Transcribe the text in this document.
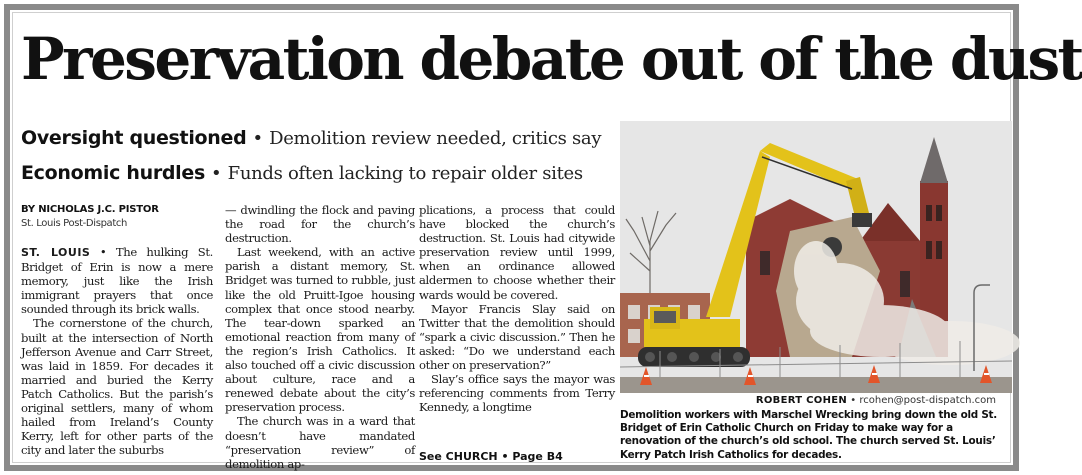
Preservation debate out of the dust
Oversight questioned • Demolition review needed, critics say
Economic hurdles • Funds often lacking to repair older sites
BY NICHOLAS J.C. PISTOR
St. Louis Post-Dispatch

ST. LOUIS • The hulking St. Bridget of Erin is now a mere memory, just like the Irish immigrant prayers that once sounded through its brick walls.

The cornerstone of the church, built at the intersection of North Jefferson Avenue and Carr Street, was laid in 1859. For decades it married and buried the Kerry Patch Catholics. But the parish’s original settlers, many of whom hailed from Ireland’s County Kerry, left for other parts of the city and later the suburbs

— dwindling the flock and paving the road for the church’s destruction.

Last weekend, with an active parish a distant memory, St. Bridget was turned to rubble, just like the old Pruitt-Igoe housing complex that once stood nearby. The tear-down sparked an emotional reaction from many of the region’s Irish Catholics. It also touched off a civic discussion about culture, race and a renewed debate about the city’s preservation process.

The church was in a ward that doesn’t have mandated “preservation review” of demolition ap-

plications, a process that could have blocked the church’s destruction. St. Louis had citywide preservation review until 1999, when an ordinance allowed aldermen to choose whether their wards would be covered.

Mayor Francis Slay said on Twitter that the demolition should “spark a civic discussion.” Then he asked: “Do we understand each other on preservation?”

Slay’s office says the mayor was referencing comments from Terry Kennedy, a longtime

See CHURCH • Page B4
ROBERT COHEN • rcohen@post-dispatch.com
Demolition workers with Marschel Wrecking bring down the old St. Bridget of Erin Catholic Church on Friday to make way for a renovation of the church’s old school. The church served St. Louis’ Kerry Patch Irish Catholics for decades.
